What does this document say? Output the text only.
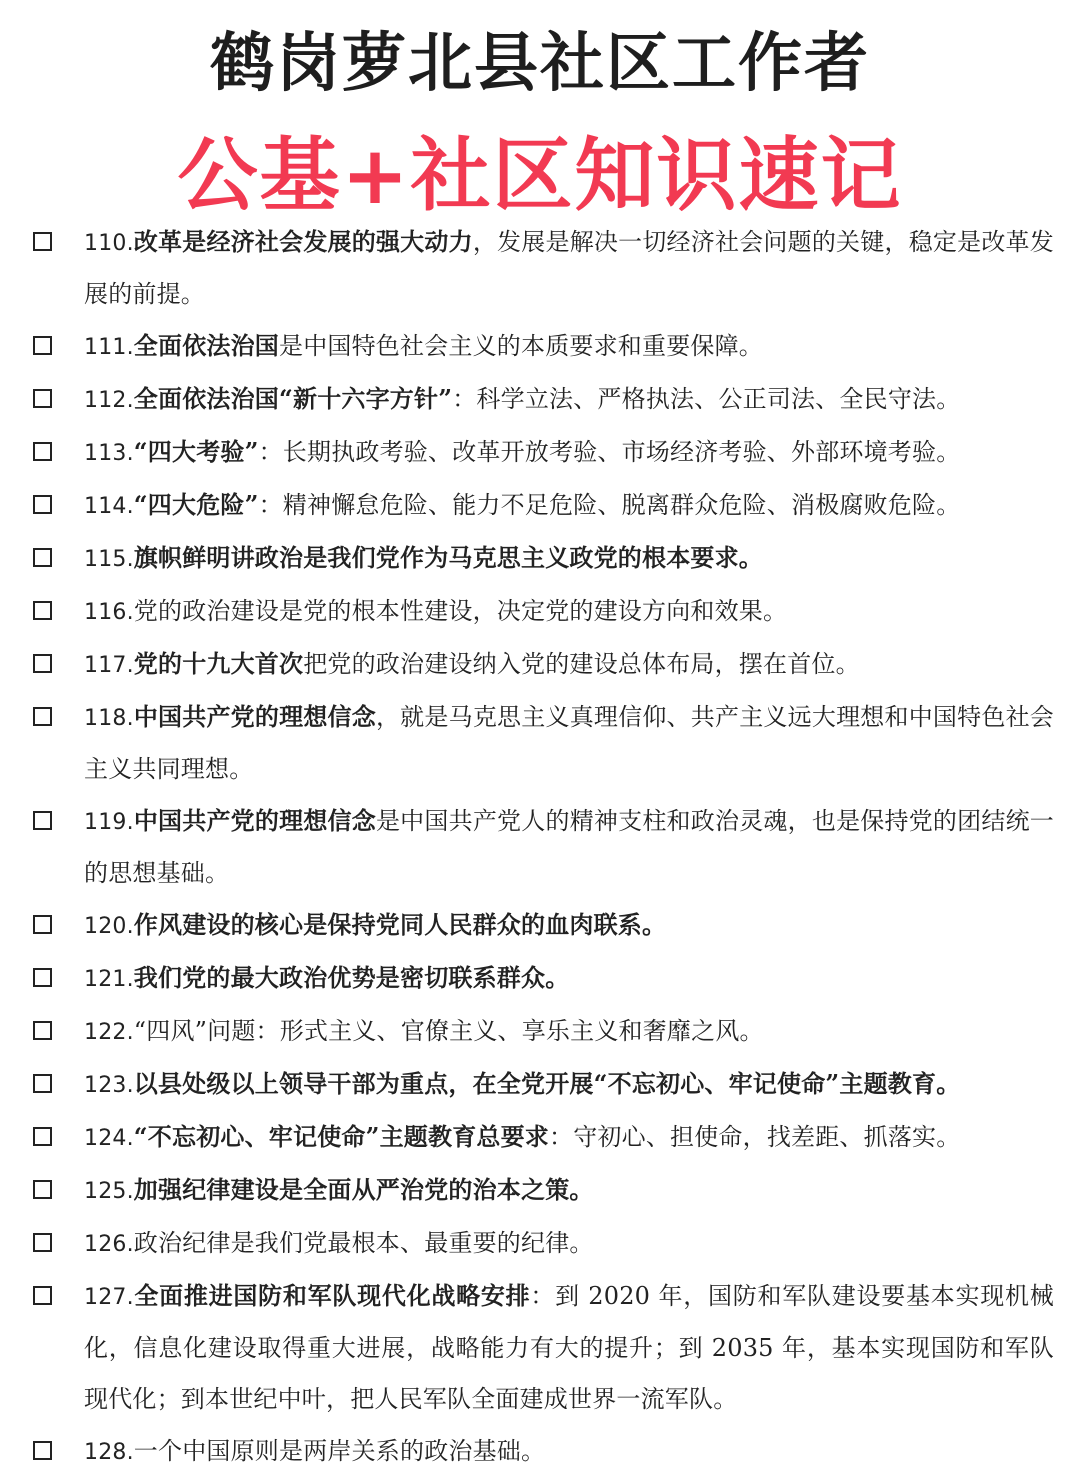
鹤岗萝北县社区工作者
公基+社区知识速记
110.改革是经济社会发展的强大动力，发展是解决一切经济社会问题的关键，稳定是改革发展的前提。
111.全面依法治国是中国特色社会主义的本质要求和重要保障。
112.全面依法治国“新十六字方针”：科学立法、严格执法、公正司法、全民守法。
113.“四大考验”：长期执政考验、改革开放考验、市场经济考验、外部环境考验。
114.“四大危险”：精神懈怠危险、能力不足危险、脱离群众危险、消极腐败危险。
115.旗帜鲜明讲政治是我们党作为马克思主义政党的根本要求。
116.党的政治建设是党的根本性建设，决定党的建设方向和效果。
117.党的十九大首次把党的政治建设纳入党的建设总体布局，摆在首位。
118.中国共产党的理想信念，就是马克思主义真理信仰、共产主义远大理想和中国特色社会主义共同理想。
119.中国共产党的理想信念是中国共产党人的精神支柱和政治灵魂，也是保持党的团结统一的思想基础。
120.作风建设的核心是保持党同人民群众的血肉联系。
121.我们党的最大政治优势是密切联系群众。
122.“四风”问题：形式主义、官僚主义、享乐主义和奢靡之风。
123.以县处级以上领导干部为重点，在全党开展“不忘初心、牢记使命”主题教育。
124.“不忘初心、牢记使命”主题教育总要求：守初心、担使命，找差距、抓落实。
125.加强纪律建设是全面从严治党的治本之策。
126.政治纪律是我们党最根本、最重要的纪律。
127.全面推进国防和军队现代化战略安排：到 2020 年，国防和军队建设要基本实现机械化，信息化建设取得重大进展，战略能力有大的提升；到 2035 年，基本实现国防和军队现代化；到本世纪中叶，把人民军队全面建成世界一流军队。
128.一个中国原则是两岸关系的政治基础。
